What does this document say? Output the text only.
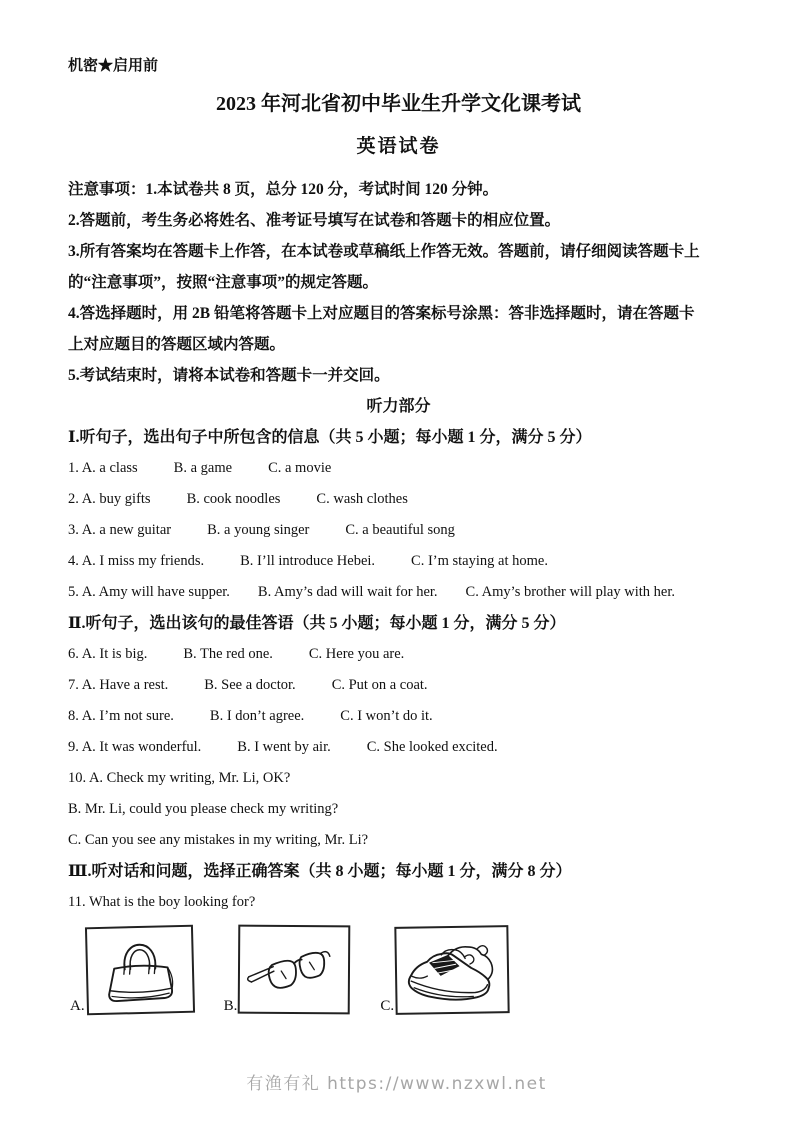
机密★启用前
2023 年河北省初中毕业生升学文化课考试
英语试卷
注意事项：1.本试卷共 8 页，总分 120 分，考试时间 120 分钟。
2.答题前，考生务必将姓名、准考证号填写在试卷和答题卡的相应位置。
3.所有答案均在答题卡上作答，在本试卷或草稿纸上作答无效。答题前，请仔细阅读答题卡上
的“注意事项”，按照“注意事项”的规定答题。
4.答选择题时，用 2B 铅笔将答题卡上对应题目的答案标号涂黑：答非选择题时，请在答题卡
上对应题目的答题区域内答题。
5.考试结束时，请将本试卷和答题卡一并交回。
听力部分
Ⅰ.听句子，选出句子中所包含的信息（共 5 小题；每小题 1 分，满分 5 分）
1. A. a class B. a game C. a movie
2. A. buy gifts B. cook noodles C. wash clothes
3. A. a new guitar B. a young singer C. a beautiful song
4. A. I miss my friends. B. I’ll introduce Hebei. C. I’m staying at home.
5. A. Amy will have supper. B. Amy’s dad will wait for her. C. Amy’s brother will play with her.
Ⅱ.听句子，选出该句的最佳答语（共 5 小题；每小题 1 分，满分 5 分）
6. A. It is big. B. The red one. C. Here you are.
7. A. Have a rest. B. See a doctor. C. Put on a coat.
8. A. I’m not sure. B. I don’t agree. C. I won’t do it.
9. A. It was wonderful. B. I went by air. C. She looked excited.
10. A. Check my writing, Mr. Li, OK?
B. Mr. Li, could you please check my writing?
C. Can you see any mistakes in my writing, Mr. Li?
Ⅲ.听对话和问题，选择正确答案（共 8 小题；每小题 1 分，满分 8 分）
11. What is the boy looking for?
A.	B.	C.
有渔有礼 https://www.nzxwl.net
